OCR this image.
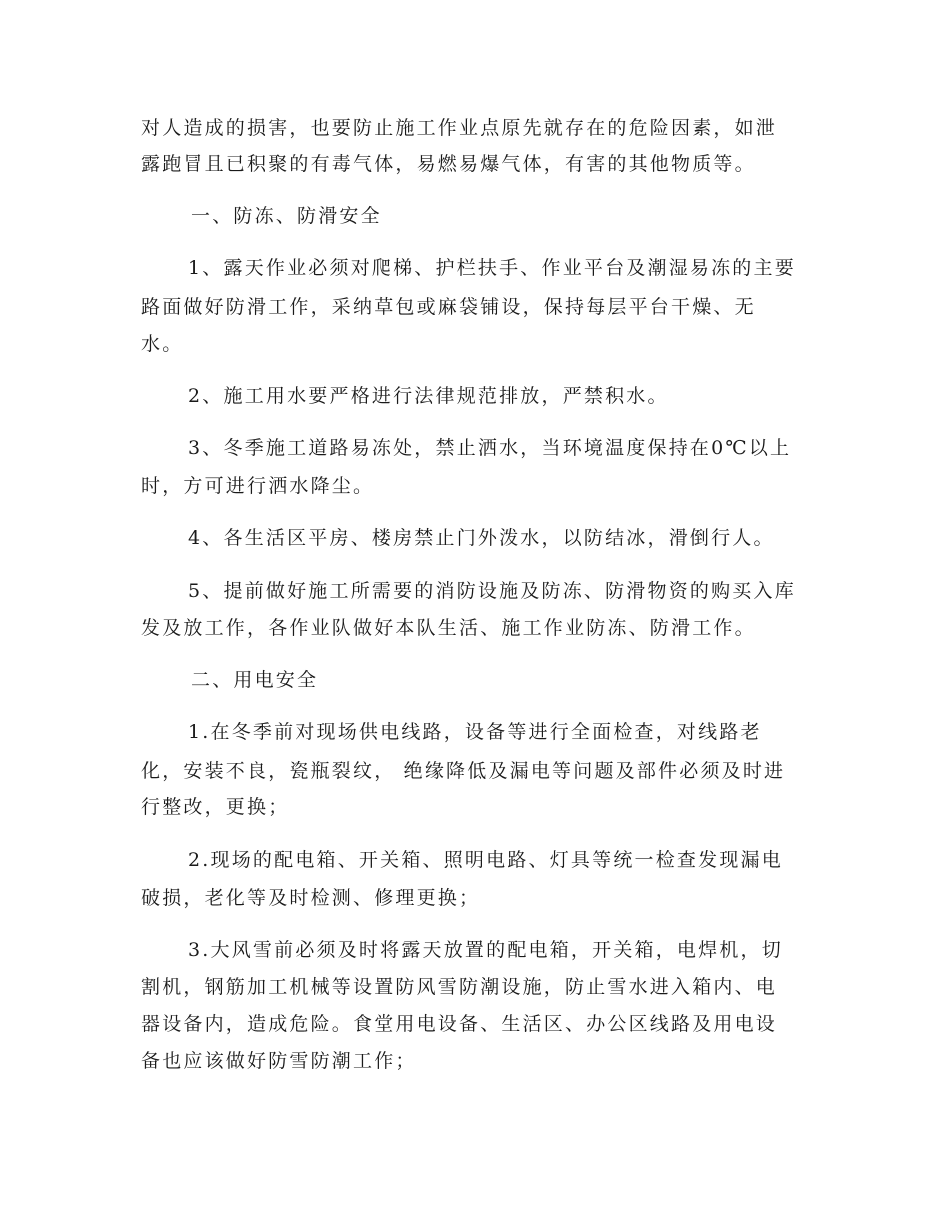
对人造成的损害，也要防止施工作业点原先就存在的危险因素，如泄
露跑冒且已积聚的有毒气体，易燃易爆气体，有害的其他物质等。
一、防冻、防滑安全
1、露天作业必须对爬梯、护栏扶手、作业平台及潮湿易冻的主要
路面做好防滑工作，采纳草包或麻袋铺设，保持每层平台干燥、无
水。
2、施工用水要严格进行法律规范排放，严禁积水。
3、冬季施工道路易冻处，禁止洒水，当环境温度保持在0℃以上
时，方可进行洒水降尘。
4、各生活区平房、楼房禁止门外泼水，以防结冰，滑倒行人。
5、提前做好施工所需要的消防设施及防冻、防滑物资的购买入库
发及放工作，各作业队做好本队生活、施工作业防冻、防滑工作。
二、用电安全
1.在冬季前对现场供电线路，设备等进行全面检查，对线路老
化，安装不良，瓷瓶裂纹， 绝缘降低及漏电等问题及部件必须及时进
行整改，更换；
2.现场的配电箱、开关箱、照明电路、灯具等统一检查发现漏电
破损，老化等及时检测、修理更换；
3.大风雪前必须及时将露天放置的配电箱，开关箱，电焊机，切
割机，钢筋加工机械等设置防风雪防潮设施，防止雪水进入箱内、电
器设备内，造成危险。食堂用电设备、生活区、办公区线路及用电设
备也应该做好防雪防潮工作；
